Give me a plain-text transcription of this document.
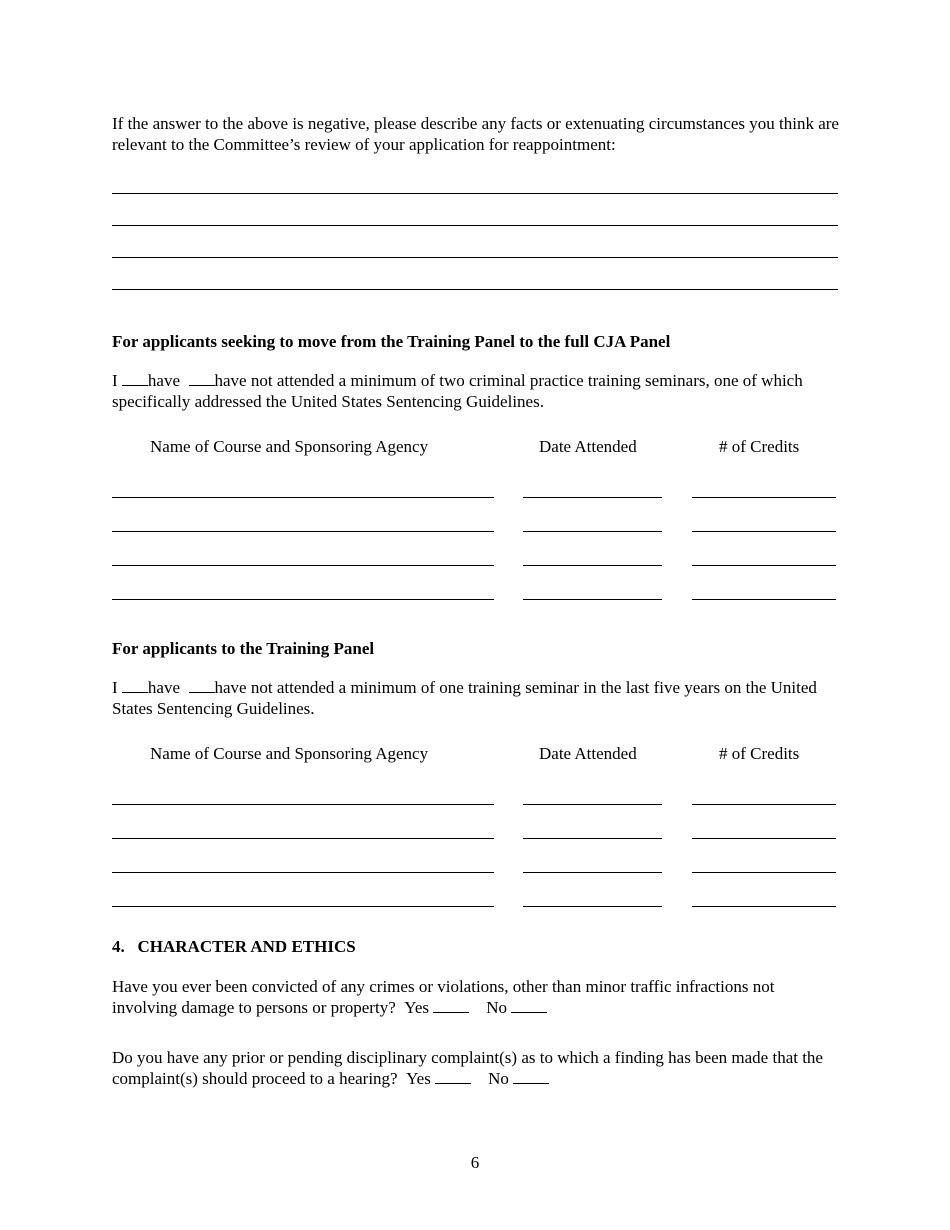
If the answer to the above is negative, please describe any facts or extenuating circumstances you think are relevant to the Committee’s review of your application for reappointment:
For applicants seeking to move from the Training Panel to the full CJA Panel
I have have not attended a minimum of two criminal practice training seminars, one of which specifically addressed the United States Sentencing Guidelines.
Name of Course and Sponsoring Agency	Date Attended	# of Credits
For applicants to the Training Panel
I have have not attended a minimum of one training seminar in the last five years on the United States Sentencing Guidelines.
Name of Course and Sponsoring Agency	Date Attended	# of Credits
4.   CHARACTER AND ETHICS
Have you ever been convicted of any crimes or violations, other than minor traffic infractions not involving damage to persons or property? Yes	No
Do you have any prior or pending disciplinary complaint(s) as to which a finding has been made that the complaint(s) should proceed to a hearing? Yes	No
6
